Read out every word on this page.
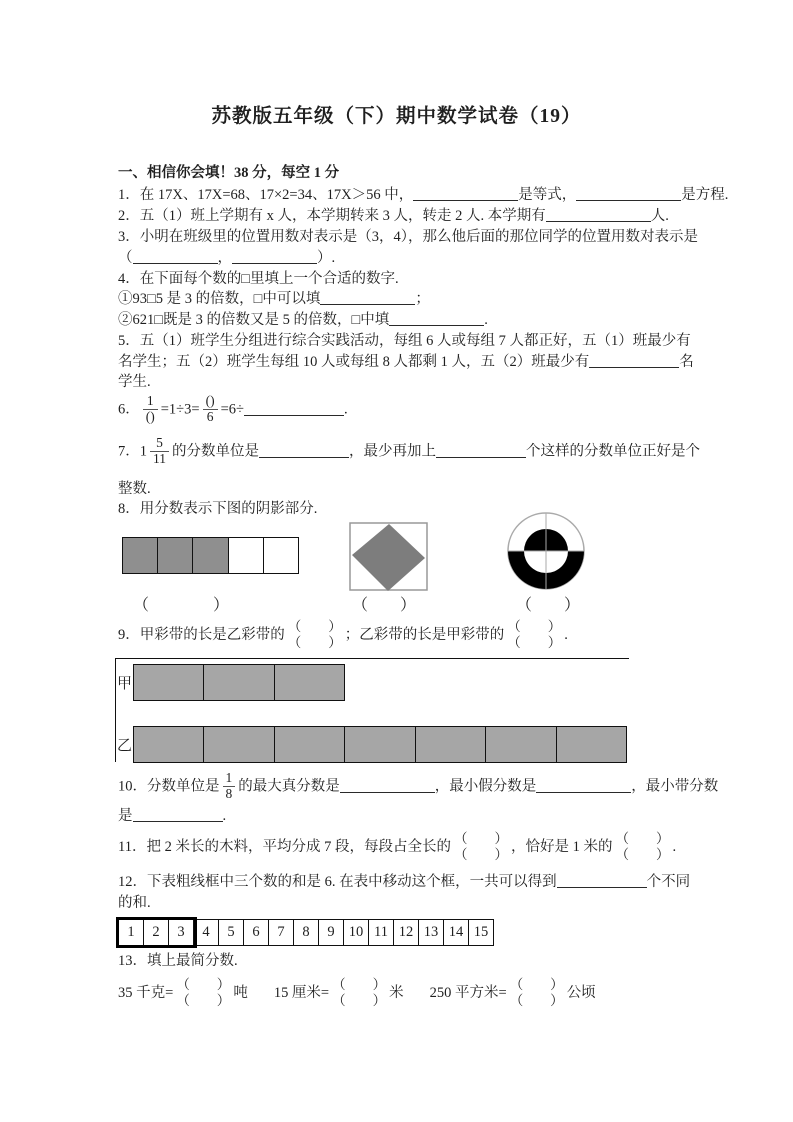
苏教版五年级（下）期中数学试卷（19）
一、相信你会填！38 分，每空 1 分
1．在 17X、17X=68、17×2=34、17X＞56 中，	是等式，	是方程.
2．五（1）班上学期有 x 人，本学期转来 3 人，转走 2 人. 本学期有	人.
3．小明在班级里的位置用数对表示是（3，4），那么他后面的那位同学的位置用数对表示是
（	，	）.
4．在下面每个数的□里填上一个合适的数字.
①93□5 是 3 的倍数，□中可以填	；
②621□既是 3 的倍数又是 5 的倍数，□中填	.
5．五（1）班学生分组进行综合实践活动，每组 6 人或每组 7 人都正好，五（1）班最少有
名学生；五（2）班学生每组 10 人或每组 8 人都剩 1 人，五（2）班最少有	名
学生.
6． $\frac{1}{()} =1\div 3= \frac{()}{6} =6\div$	.
7．$1 \frac{5}{11}$ 的分数单位是	，最少再加上	个这样的分数单位正好是个
整数.
8．用分数表示下图的阴影部分.
（　　　　）	（　　）	（　　）
9．甲彩带的长是乙彩带的
（　　）
（　　） ；乙彩带的长是甲彩带的
（　　）
（　　） .
甲
乙
10．分数单位是 $\frac{1}{8}$ 的最大真分数是	，最小假分数是	，最小带分数
是	.
11．把 2 米长的木料，平均分成 7 段，每段占全长的
（　　）
（　　） ，恰好是 1 米的
（　　）
（　　） .
12．下表粗线框中三个数的和是 6. 在表中移动这个框，一共可以得到	个不同
的和.
1	2	3	4	5	6	7	8	9 10 11 12 13 14 15
13．填上最简分数.
35 千克=
（　　）
（　　） 吨 15 厘米=
（　　）
（　　） 米 250 平方米=
（　　）
（　　） 公顷
